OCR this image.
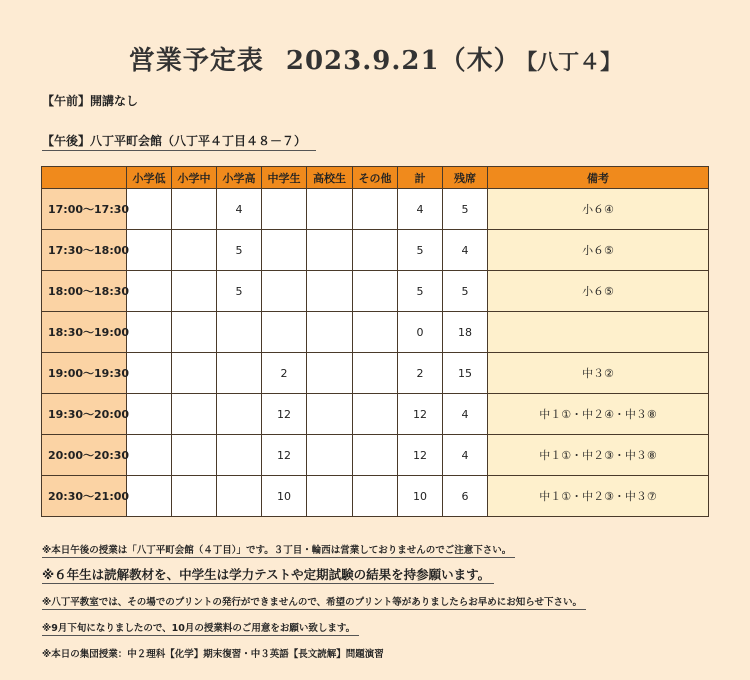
営業予定表 2023.9.21（木） 【八丁４】
【午前】開講なし
【午後】八丁平町会館（八丁平４丁目４８－７）
	小学低	小学中	小学高	中学生	高校生	その他	計	残席	備考
17:00〜17:30			4				4	5	小６④
17:30〜18:00			5				5	4	小６⑤
18:00〜18:30			5				5	5	小６⑤
18:30〜19:00							0	18	
19:00〜19:30				2			2	15	中３②
19:30〜20:00				12			12	4	中１①・中２④・中３⑧
20:00〜20:30				12			12	4	中１①・中２③・中３⑧
20:30〜21:00				10			10	6	中１①・中２③・中３⑦
※本日午後の授業は「八丁平町会館（４丁目）」です。３丁目・輪西は営業しておりませんのでご注意下さい。
※６年生は読解教材を、中学生は学力テストや定期試験の結果を持参願います。
※八丁平教室では、その場でのプリントの発行ができませんので、希望のプリント等がありましたらお早めにお知らせ下さい。
※9月下旬になりましたので、10月の授業料のご用意をお願い致します。
※本日の集団授業：中２理科【化学】期末復習・中３英語【長文読解】問題演習
